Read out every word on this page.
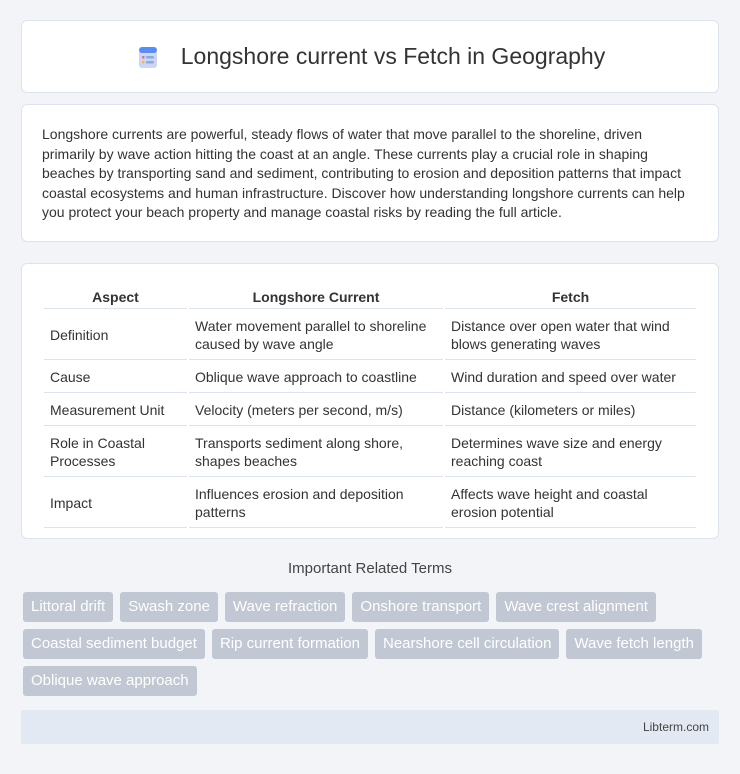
Longshore current vs Fetch in Geography

Longshore currents are powerful, steady flows of water that move parallel to the shoreline, driven primarily by wave action hitting the coast at an angle. These currents play a crucial role in shaping beaches by transporting sand and sediment, contributing to erosion and deposition patterns that impact coastal ecosystems and human infrastructure. Discover how understanding longshore currents can help you protect your beach property and manage coastal risks by reading the full article.

Aspect	Longshore Current	Fetch
Definition	Water movement parallel to shoreline caused by wave angle	Distance over open water that wind blows generating waves
Cause	Oblique wave approach to coastline	Wind duration and speed over water
Measurement Unit	Velocity (meters per second, m/s)	Distance (kilometers or miles)
Role in Coastal Processes	Transports sediment along shore, shapes beaches	Determines wave size and energy reaching coast
Impact	Influences erosion and deposition patterns	Affects wave height and coastal erosion potential
Important Related Terms
Littoral drift	Swash zone	Wave refraction	Onshore transport	Wave crest alignment
Coastal sediment budget	Rip current formation	Nearshore cell circulation	Wave fetch length
Oblique wave approach
Libterm.com
